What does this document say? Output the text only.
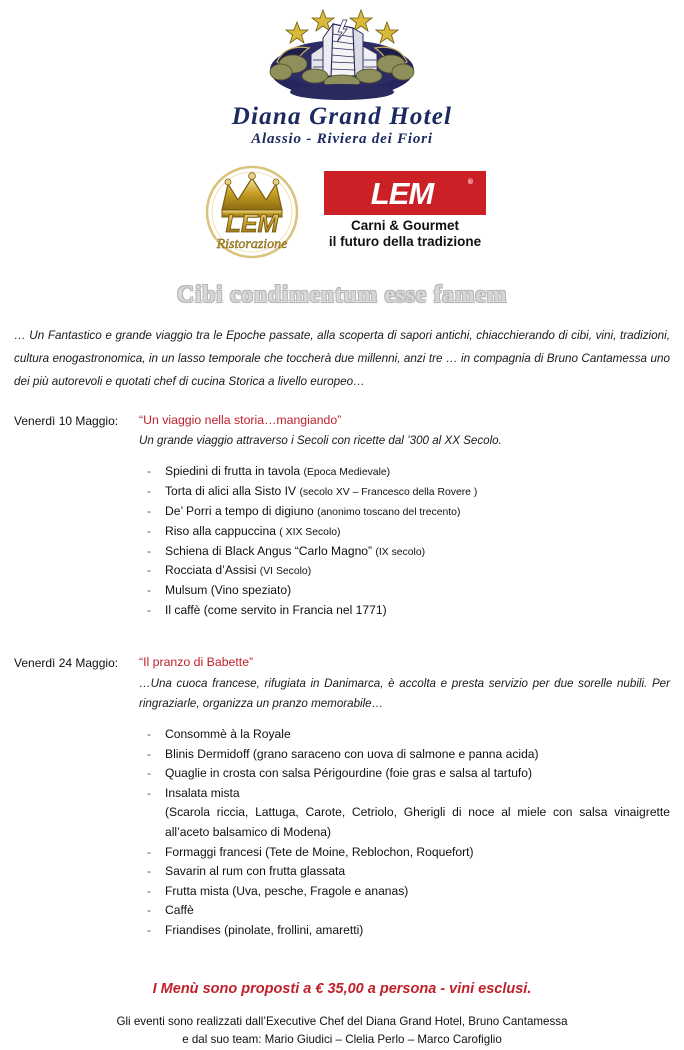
Diana Grand Hotel
Alassio - Riviera dei Fiori
LEM
Ristorazione
LEM	®
Carni & Gourmet
il futuro della tradizione
Cibi condimentum esse famem
… Un Fantastico e grande viaggio tra le Epoche passate, alla scoperta di sapori antichi, chiacchierando di cibi, vini, tradizioni, cultura enogastronomica, in un lasso temporale che toccherà due millenni, anzi tre … in compagnia di Bruno Cantamessa uno dei più autorevoli e quotati chef di cucina Storica a livello europeo…
Venerdì 10 Maggio:	“Un viaggio nella storia…mangiando”
Un grande viaggio attraverso i Secoli con ricette dal ’300 al XX Secolo.
-	Spiedini di frutta in tavola (Epoca Medievale)
-	Torta di alici alla Sisto IV (secolo XV – Francesco della Rovere )
-	De’ Porri a tempo di digiuno (anonimo toscano del trecento)
-	Riso alla cappuccina ( XIX Secolo)
-	Schiena di Black Angus “Carlo Magno” (IX secolo)
-	Rocciata d’Assisi (VI Secolo)
-	Mulsum (Vino speziato)
-	Il caffè (come servito in Francia nel 1771)
Venerdì 24 Maggio:	“Il pranzo di Babette”
…Una cuoca francese, rifugiata in Danimarca, è accolta e presta servizio per due sorelle nubili. Per ringraziarle, organizza un pranzo memorabile…
-	Consommè à la Royale
-	Blinis Dermidoff (grano saraceno con uova di salmone e panna acida)
-	Quaglie in crosta con salsa Périgourdine (foie gras e salsa al tartufo)
-	Insalata mista
(Scarola riccia, Lattuga, Carote, Cetriolo, Gherigli di noce al miele con salsa vinaigrette all’aceto balsamico di Modena)
-	Formaggi francesi (Tete de Moine, Reblochon, Roquefort)
-	Savarin al rum con frutta glassata
-	Frutta mista (Uva, pesche, Fragole e ananas)
-	Caffè
-	Friandises (pinolate, frollini, amaretti)
I Menù sono proposti a € 35,00 a persona - vini esclusi.
Gli eventi sono realizzati dall’Executive Chef del Diana Grand Hotel, Bruno Cantamessa
e dal suo team: Mario Giudici – Clelia Perlo – Marco Carofiglio
